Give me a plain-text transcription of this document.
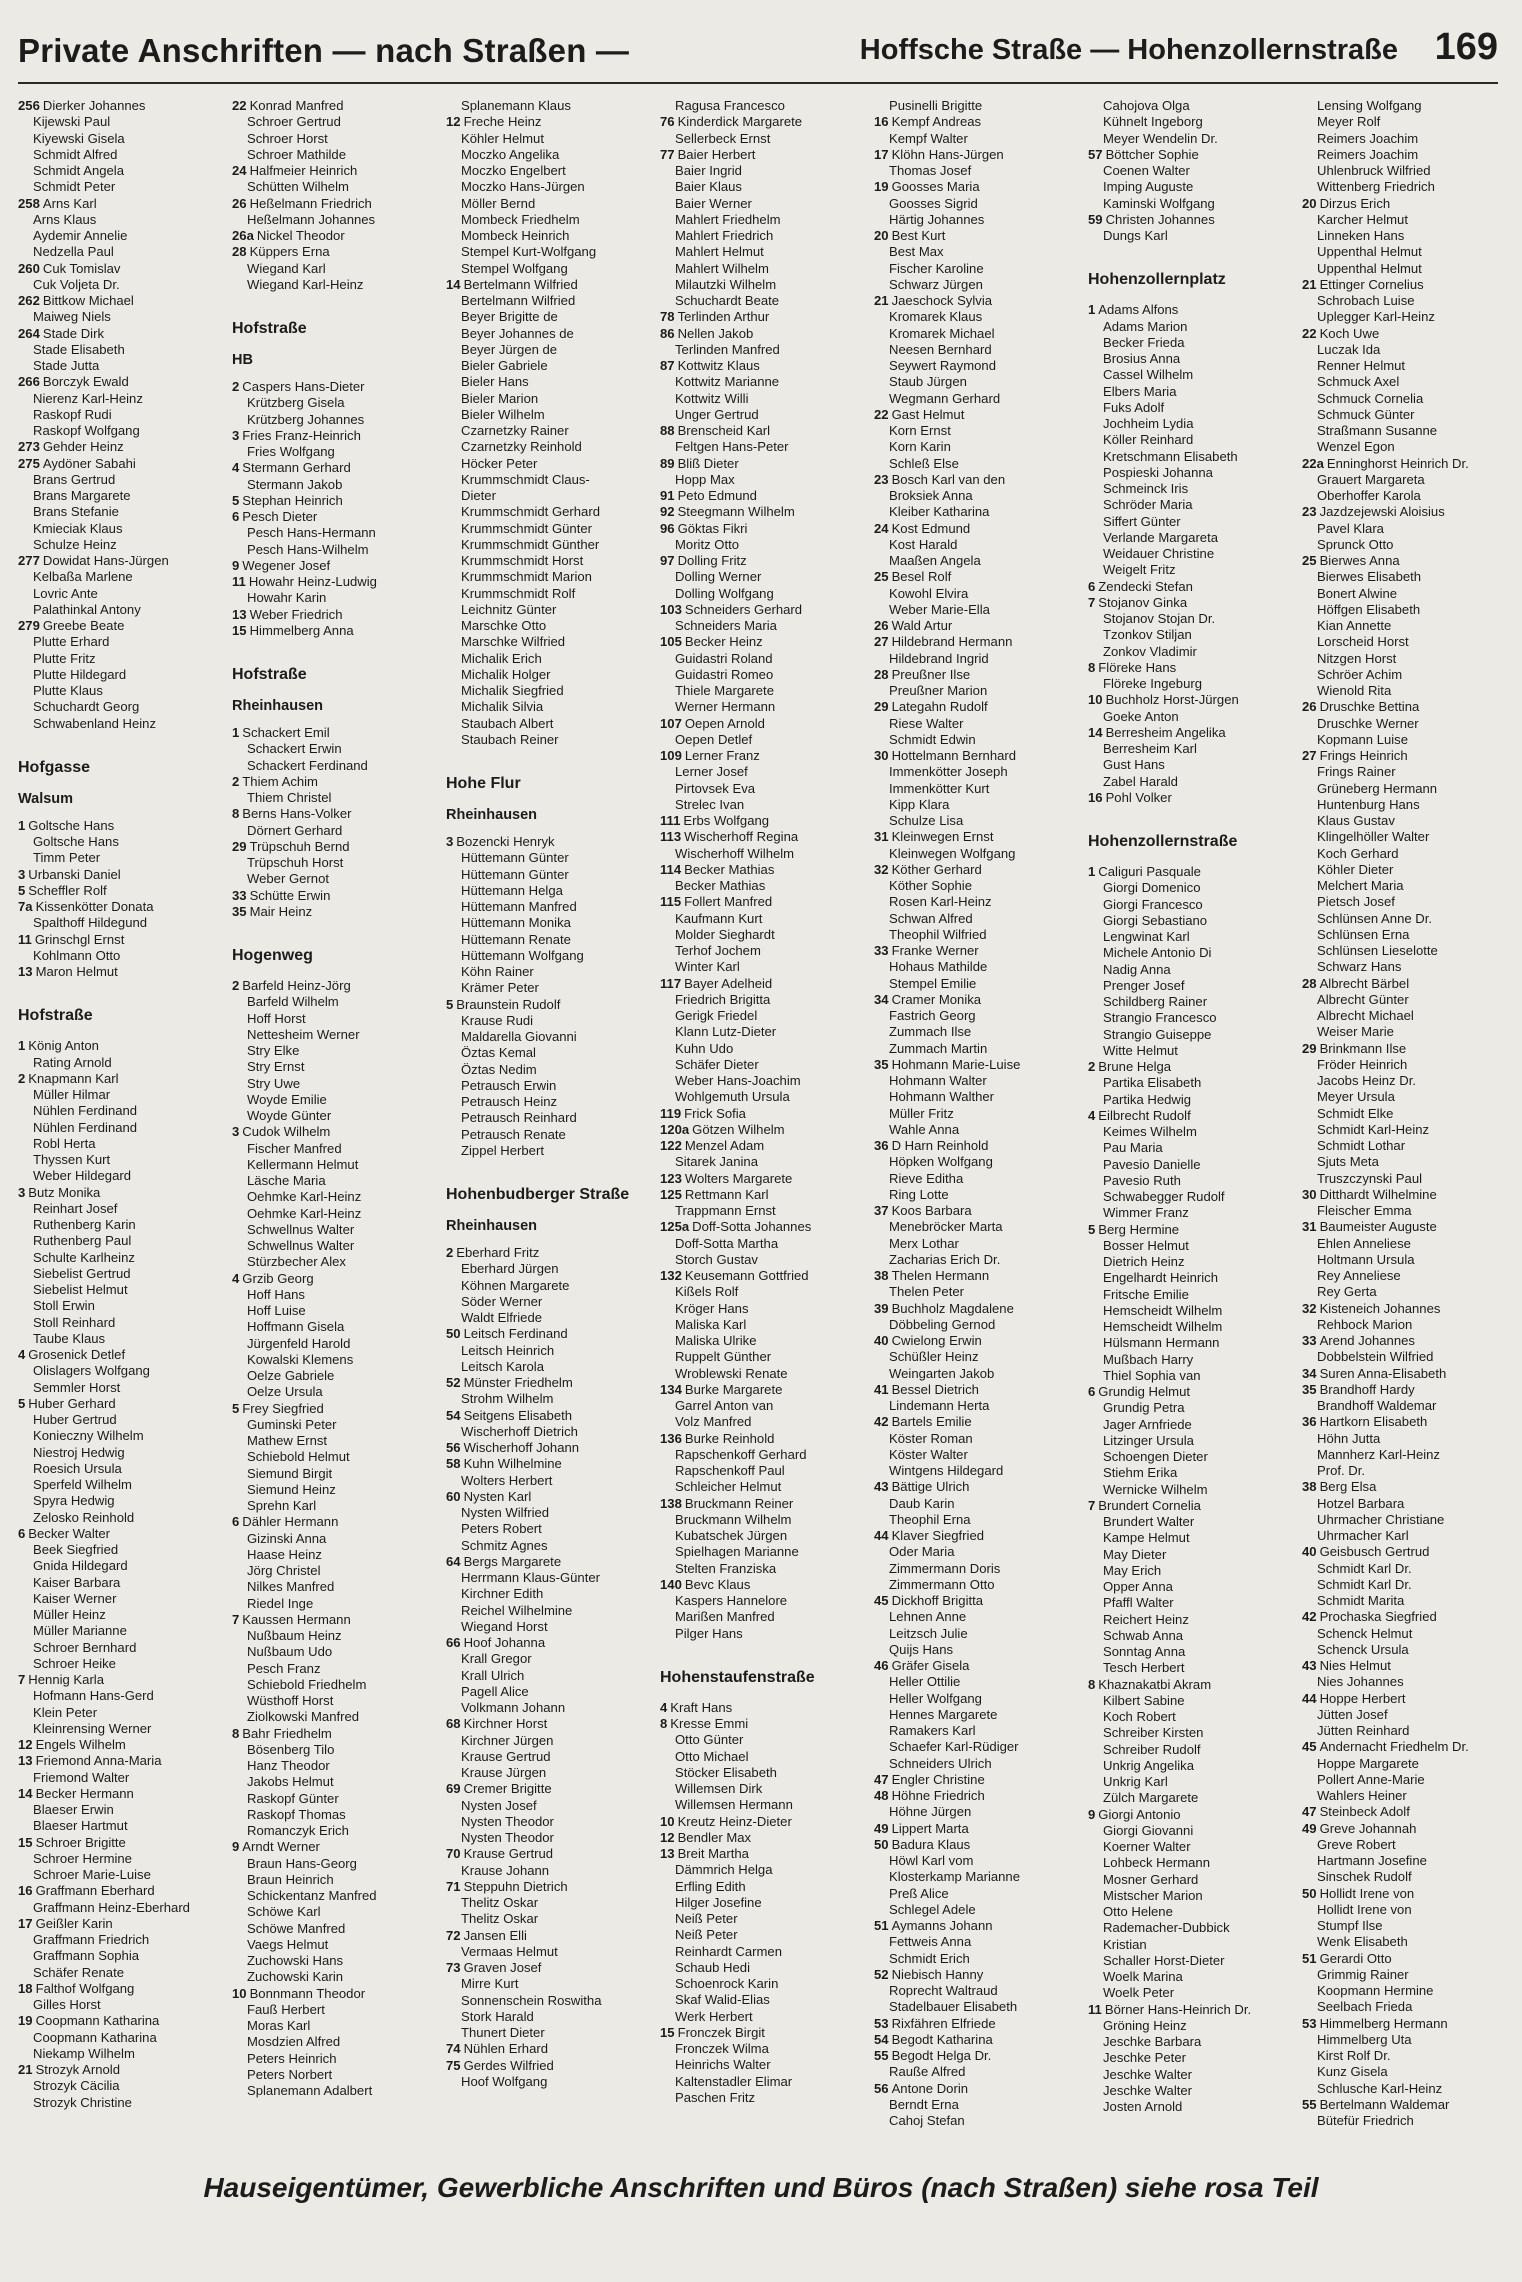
Private Anschriften — nach Straßen —	Hoffsche Straße — Hohenzollernstraße 169
256 Dierker Johannes
Kijewski Paul
Kiyewski Gisela
Schmidt Alfred
Schmidt Angela
Schmidt Peter
258 Arns Karl
Arns Klaus
Aydemir Annelie
Nedzella Paul
260 Cuk Tomislav
Cuk Voljeta Dr.
262 Bittkow Michael
Maiweg Niels
264 Stade Dirk
Stade Elisabeth
Stade Jutta
266 Borczyk Ewald
Nierenz Karl-Heinz
Raskopf Rudi
Raskopf Wolfgang
273 Gehder Heinz
275 Aydöner Sabahi
Brans Gertrud
Brans Margarete
Brans Stefanie
Kmieciak Klaus
Schulze Heinz
277 Dowidat Hans-Jürgen
Kelbaßa Marlene
Lovric Ante
Palathinkal Antony
279 Greebe Beate
Plutte Erhard
Plutte Fritz
Plutte Hildegard
Plutte Klaus
Schuchardt Georg
Schwabenland Heinz
Hofgasse
Walsum
1 Goltsche Hans
Goltsche Hans
Timm Peter
3 Urbanski Daniel
5 Scheffler Rolf
7a Kissenkötter Donata
Spalthoff Hildegund
11 Grinschgl Ernst
Kohlmann Otto
13 Maron Helmut
Hofstraße
1 König Anton
Rating Arnold
2 Knapmann Karl
Müller Hilmar
Nühlen Ferdinand
Nühlen Ferdinand
Robl Herta
Thyssen Kurt
Weber Hildegard
3 Butz Monika
Reinhart Josef
Ruthenberg Karin
Ruthenberg Paul
Schulte Karlheinz
Siebelist Gertrud
Siebelist Helmut
Stoll Erwin
Stoll Reinhard
Taube Klaus
4 Grosenick Detlef
Olislagers Wolfgang
Semmler Horst
5 Huber Gerhard
Huber Gertrud
Konieczny Wilhelm
Niestroj Hedwig
Roesich Ursula
Sperfeld Wilhelm
Spyra Hedwig
Zelosko Reinhold
6 Becker Walter
Beek Siegfried
Gnida Hildegard
Kaiser Barbara
Kaiser Werner
Müller Heinz
Müller Marianne
Schroer Bernhard
Schroer Heike
7 Hennig Karla
Hofmann Hans-Gerd
Klein Peter
Kleinrensing Werner
12 Engels Wilhelm
13 Friemond Anna-Maria
Friemond Walter
14 Becker Hermann
Blaeser Erwin
Blaeser Hartmut
15 Schroer Brigitte
Schroer Hermine
Schroer Marie-Luise
16 Graffmann Eberhard
Graffmann Heinz-Eberhard
17 Geißler Karin
Graffmann Friedrich
Graffmann Sophia
Schäfer Renate
18 Falthof Wolfgang
Gilles Horst
19 Coopmann Katharina
Coopmann Katharina
Niekamp Wilhelm
21 Strozyk Arnold
Strozyk Cäcilia
Strozyk Christine
22 Konrad Manfred
Schroer Gertrud
Schroer Horst
Schroer Mathilde
24 Halfmeier Heinrich
Schütten Wilhelm
26 Heßelmann Friedrich
Heßelmann Johannes
26a Nickel Theodor
28 Küppers Erna
Wiegand Karl
Wiegand Karl-Heinz
Hofstraße
HB
2 Caspers Hans-Dieter
Krützberg Gisela
Krützberg Johannes
3 Fries Franz-Heinrich
Fries Wolfgang
4 Stermann Gerhard
Stermann Jakob
5 Stephan Heinrich
6 Pesch Dieter
Pesch Hans-Hermann
Pesch Hans-Wilhelm
9 Wegener Josef
11 Howahr Heinz-Ludwig
Howahr Karin
13 Weber Friedrich
15 Himmelberg Anna
Hofstraße
Rheinhausen
1 Schackert Emil
Schackert Erwin
Schackert Ferdinand
2 Thiem Achim
Thiem Christel
8 Berns Hans-Volker
Dörnert Gerhard
29 Trüpschuh Bernd
Trüpschuh Horst
Weber Gernot
33 Schütte Erwin
35 Mair Heinz
Hogenweg
2 Barfeld Heinz-Jörg
Barfeld Wilhelm
Hoff Horst
Nettesheim Werner
Stry Elke
Stry Ernst
Stry Uwe
Woyde Emilie
Woyde Günter
3 Cudok Wilhelm
Fischer Manfred
Kellermann Helmut
Läsche Maria
Oehmke Karl-Heinz
Oehmke Karl-Heinz
Schwellnus Walter
Schwellnus Walter
Stürzbecher Alex
4 Grzib Georg
Hoff Hans
Hoff Luise
Hoffmann Gisela
Jürgenfeld Harold
Kowalski Klemens
Oelze Gabriele
Oelze Ursula
5 Frey Siegfried
Guminski Peter
Mathew Ernst
Schiebold Helmut
Siemund Birgit
Siemund Heinz
Sprehn Karl
6 Dähler Hermann
Gizinski Anna
Haase Heinz
Jörg Christel
Nilkes Manfred
Riedel Inge
7 Kaussen Hermann
Nußbaum Heinz
Nußbaum Udo
Pesch Franz
Schiebold Friedhelm
Wüsthoff Horst
Ziolkowski Manfred
8 Bahr Friedhelm
Bösenberg Tilo
Hanz Theodor
Jakobs Helmut
Raskopf Günter
Raskopf Thomas
Romanczyk Erich
9 Arndt Werner
Braun Hans-Georg
Braun Heinrich
Schickentanz Manfred
Schöwe Karl
Schöwe Manfred
Vaegs Helmut
Zuchowski Hans
Zuchowski Karin
10 Bonnmann Theodor
Fauß Herbert
Moras Karl
Mosdzien Alfred
Peters Heinrich
Peters Norbert
Splanemann Adalbert
Splanemann Klaus
12 Freche Heinz
Köhler Helmut
Moczko Angelika
Moczko Engelbert
Moczko Hans-Jürgen
Möller Bernd
Mombeck Friedhelm
Mombeck Heinrich
Stempel Kurt-Wolfgang
Stempel Wolfgang
14 Bertelmann Wilfried
Bertelmann Wilfried
Beyer Brigitte de
Beyer Johannes de
Beyer Jürgen de
Bieler Gabriele
Bieler Hans
Bieler Marion
Bieler Wilhelm
Czarnetzky Rainer
Czarnetzky Reinhold
Höcker Peter
Krummschmidt Claus-
Dieter
Krummschmidt Gerhard
Krummschmidt Günter
Krummschmidt Günther
Krummschmidt Horst
Krummschmidt Marion
Krummschmidt Rolf
Leichnitz Günter
Marschke Otto
Marschke Wilfried
Michalik Erich
Michalik Holger
Michalik Siegfried
Michalik Silvia
Staubach Albert
Staubach Reiner
Hohe Flur
Rheinhausen
3 Bozencki Henryk
Hüttemann Günter
Hüttemann Günter
Hüttemann Helga
Hüttemann Manfred
Hüttemann Monika
Hüttemann Renate
Hüttemann Wolfgang
Köhn Rainer
Krämer Peter
5 Braunstein Rudolf
Krause Rudi
Maldarella Giovanni
Öztas Kemal
Öztas Nedim
Petrausch Erwin
Petrausch Heinz
Petrausch Reinhard
Petrausch Renate
Zippel Herbert
Hohenbudberger Straße
Rheinhausen
2 Eberhard Fritz
Eberhard Jürgen
Köhnen Margarete
Söder Werner
Waldt Elfriede
50 Leitsch Ferdinand
Leitsch Heinrich
Leitsch Karola
52 Münster Friedhelm
Strohm Wilhelm
54 Seitgens Elisabeth
Wischerhoff Dietrich
56 Wischerhoff Johann
58 Kuhn Wilhelmine
Wolters Herbert
60 Nysten Karl
Nysten Wilfried
Peters Robert
Schmitz Agnes
64 Bergs Margarete
Herrmann Klaus-Günter
Kirchner Edith
Reichel Wilhelmine
Wiegand Horst
66 Hoof Johanna
Krall Gregor
Krall Ulrich
Pagell Alice
Volkmann Johann
68 Kirchner Horst
Kirchner Jürgen
Krause Gertrud
Krause Jürgen
69 Cremer Brigitte
Nysten Josef
Nysten Theodor
Nysten Theodor
70 Krause Gertrud
Krause Johann
71 Steppuhn Dietrich
Thelitz Oskar
Thelitz Oskar
72 Jansen Elli
Vermaas Helmut
73 Graven Josef
Mirre Kurt
Sonnenschein Roswitha
Stork Harald
Thunert Dieter
74 Nühlen Erhard
75 Gerdes Wilfried
Hoof Wolfgang
Ragusa Francesco
76 Kinderdick Margarete
Sellerbeck Ernst
77 Baier Herbert
Baier Ingrid
Baier Klaus
Baier Werner
Mahlert Friedhelm
Mahlert Friedrich
Mahlert Helmut
Mahlert Wilhelm
Milautzki Wilhelm
Schuchardt Beate
78 Terlinden Arthur
86 Nellen Jakob
Terlinden Manfred
87 Kottwitz Klaus
Kottwitz Marianne
Kottwitz Willi
Unger Gertrud
88 Brenscheid Karl
Feltgen Hans-Peter
89 Bliß Dieter
Hopp Max
91 Peto Edmund
92 Steegmann Wilhelm
96 Göktas Fikri
Moritz Otto
97 Dolling Fritz
Dolling Werner
Dolling Wolfgang
103 Schneiders Gerhard
Schneiders Maria
105 Becker Heinz
Guidastri Roland
Guidastri Romeo
Thiele Margarete
Werner Hermann
107 Oepen Arnold
Oepen Detlef
109 Lerner Franz
Lerner Josef
Pirtovsek Eva
Strelec Ivan
111 Erbs Wolfgang
113 Wischerhoff Regina
Wischerhoff Wilhelm
114 Becker Mathias
Becker Mathias
115 Follert Manfred
Kaufmann Kurt
Molder Sieghardt
Terhof Jochem
Winter Karl
117 Bayer Adelheid
Friedrich Brigitta
Gerigk Friedel
Klann Lutz-Dieter
Kuhn Udo
Schäfer Dieter
Weber Hans-Joachim
Wohlgemuth Ursula
119 Frick Sofia
120a Götzen Wilhelm
122 Menzel Adam
Sitarek Janina
123 Wolters Margarete
125 Rettmann Karl
Trappmann Ernst
125a Doff-Sotta Johannes
Doff-Sotta Martha
Storch Gustav
132 Keusemann Gottfried
Kißels Rolf
Kröger Hans
Maliska Karl
Maliska Ulrike
Ruppelt Günther
Wroblewski Renate
134 Burke Margarete
Garrel Anton van
Volz Manfred
136 Burke Reinhold
Rapschenkoff Gerhard
Rapschenkoff Paul
Schleicher Helmut
138 Bruckmann Reiner
Bruckmann Wilhelm
Kubatschek Jürgen
Spielhagen Marianne
Stelten Franziska
140 Bevc Klaus
Kaspers Hannelore
Marißen Manfred
Pilger Hans
Hohenstaufenstraße
4 Kraft Hans
8 Kresse Emmi
Otto Günter
Otto Michael
Stöcker Elisabeth
Willemsen Dirk
Willemsen Hermann
10 Kreutz Heinz-Dieter
12 Bendler Max
13 Breit Martha
Dämmrich Helga
Erfling Edith
Hilger Josefine
Neiß Peter
Neiß Peter
Reinhardt Carmen
Schaub Hedi
Schoenrock Karin
Skaf Walid-Elias
Werk Herbert
15 Fronczek Birgit
Fronczek Wilma
Heinrichs Walter
Kaltenstadler Elimar
Paschen Fritz
Pusinelli Brigitte
16 Kempf Andreas
Kempf Walter
17 Klöhn Hans-Jürgen
Thomas Josef
19 Goosses Maria
Goosses Sigrid
Härtig Johannes
20 Best Kurt
Best Max
Fischer Karoline
Schwarz Jürgen
21 Jaeschock Sylvia
Kromarek Klaus
Kromarek Michael
Neesen Bernhard
Seywert Raymond
Staub Jürgen
Wegmann Gerhard
22 Gast Helmut
Korn Ernst
Korn Karin
Schleß Else
23 Bosch Karl van den
Broksiek Anna
Kleiber Katharina
24 Kost Edmund
Kost Harald
Maaßen Angela
25 Besel Rolf
Kowohl Elvira
Weber Marie-Ella
26 Wald Artur
27 Hildebrand Hermann
Hildebrand Ingrid
28 Preußner Ilse
Preußner Marion
29 Lategahn Rudolf
Riese Walter
Schmidt Edwin
30 Hottelmann Bernhard
Immenkötter Joseph
Immenkötter Kurt
Kipp Klara
Schulze Lisa
31 Kleinwegen Ernst
Kleinwegen Wolfgang
32 Köther Gerhard
Köther Sophie
Rosen Karl-Heinz
Schwan Alfred
Theophil Wilfried
33 Franke Werner
Hohaus Mathilde
Stempel Emilie
34 Cramer Monika
Fastrich Georg
Zummach Ilse
Zummach Martin
35 Hohmann Marie-Luise
Hohmann Walter
Hohmann Walther
Müller Fritz
Wahle Anna
36 D Harn Reinhold
Höpken Wolfgang
Rieve Editha
Ring Lotte
37 Koos Barbara
Menebröcker Marta
Merx Lothar
Zacharias Erich Dr.
38 Thelen Hermann
Thelen Peter
39 Buchholz Magdalene
Döbbeling Gernod
40 Cwielong Erwin
Schüßler Heinz
Weingarten Jakob
41 Bessel Dietrich
Lindemann Herta
42 Bartels Emilie
Köster Roman
Köster Walter
Wintgens Hildegard
43 Bättige Ulrich
Daub Karin
Theophil Erna
44 Klaver Siegfried
Oder Maria
Zimmermann Doris
Zimmermann Otto
45 Dickhoff Brigitta
Lehnen Anne
Leitzsch Julie
Quijs Hans
46 Gräfer Gisela
Heller Ottilie
Heller Wolfgang
Hennes Margarete
Ramakers Karl
Schaefer Karl-Rüdiger
Schneiders Ulrich
47 Engler Christine
48 Höhne Friedrich
Höhne Jürgen
49 Lippert Marta
50 Badura Klaus
Höwl Karl vom
Klosterkamp Marianne
Preß Alice
Schlegel Adele
51 Aymanns Johann
Fettweis Anna
Schmidt Erich
52 Niebisch Hanny
Roprecht Waltraud
Stadelbauer Elisabeth
53 Rixfähren Elfriede
54 Begodt Katharina
55 Begodt Helga Dr.
Rauße Alfred
56 Antone Dorin
Berndt Erna
Cahoj Stefan
Cahojova Olga
Kühnelt Ingeborg
Meyer Wendelin Dr.
57 Böttcher Sophie
Coenen Walter
Imping Auguste
Kaminski Wolfgang
59 Christen Johannes
Dungs Karl
Hohenzollernplatz
1 Adams Alfons
Adams Marion
Becker Frieda
Brosius Anna
Cassel Wilhelm
Elbers Maria
Fuks Adolf
Jochheim Lydia
Köller Reinhard
Kretschmann Elisabeth
Pospieski Johanna
Schmeinck Iris
Schröder Maria
Siffert Günter
Verlande Margareta
Weidauer Christine
Weigelt Fritz
6 Zendecki Stefan
7 Stojanov Ginka
Stojanov Stojan Dr.
Tzonkov Stiljan
Zonkov Vladimir
8 Flöreke Hans
Flöreke Ingeburg
10 Buchholz Horst-Jürgen
Goeke Anton
14 Berresheim Angelika
Berresheim Karl
Gust Hans
Zabel Harald
16 Pohl Volker
Hohenzollernstraße
1 Caliguri Pasquale
Giorgi Domenico
Giorgi Francesco
Giorgi Sebastiano
Lengwinat Karl
Michele Antonio Di
Nadig Anna
Prenger Josef
Schildberg Rainer
Strangio Francesco
Strangio Guiseppe
Witte Helmut
2 Brune Helga
Partika Elisabeth
Partika Hedwig
4 Eilbrecht Rudolf
Keimes Wilhelm
Pau Maria
Pavesio Danielle
Pavesio Ruth
Schwabegger Rudolf
Wimmer Franz
5 Berg Hermine
Bosser Helmut
Dietrich Heinz
Engelhardt Heinrich
Fritsche Emilie
Hemscheidt Wilhelm
Hemscheidt Wilhelm
Hülsmann Hermann
Mußbach Harry
Thiel Sophia van
6 Grundig Helmut
Grundig Petra
Jager Arnfriede
Litzinger Ursula
Schoengen Dieter
Stiehm Erika
Wernicke Wilhelm
7 Brundert Cornelia
Brundert Walter
Kampe Helmut
May Dieter
May Erich
Opper Anna
Pfaffl Walter
Reichert Heinz
Schwab Anna
Sonntag Anna
Tesch Herbert
8 Khaznakatbi Akram
Kilbert Sabine
Koch Robert
Schreiber Kirsten
Schreiber Rudolf
Unkrig Angelika
Unkrig Karl
Zülch Margarete
9 Giorgi Antonio
Giorgi Giovanni
Koerner Walter
Lohbeck Hermann
Mosner Gerhard
Mistscher Marion
Otto Helene
Rademacher-Dubbick
Kristian
Schaller Horst-Dieter
Woelk Marina
Woelk Peter
11 Börner Hans-Heinrich Dr.
Gröning Heinz
Jeschke Barbara
Jeschke Peter
Jeschke Walter
Jeschke Walter
Josten Arnold
Lensing Wolfgang
Meyer Rolf
Reimers Joachim
Reimers Joachim
Uhlenbruck Wilfried
Wittenberg Friedrich
20 Dirzus Erich
Karcher Helmut
Linneken Hans
Uppenthal Helmut
Uppenthal Helmut
21 Ettinger Cornelius
Schrobach Luise
Uplegger Karl-Heinz
22 Koch Uwe
Luczak Ida
Renner Helmut
Schmuck Axel
Schmuck Cornelia
Schmuck Günter
Straßmann Susanne
Wenzel Egon
22a Enninghorst Heinrich Dr.
Grauert Margareta
Oberhoffer Karola
23 Jazdzejewski Aloisius
Pavel Klara
Sprunck Otto
25 Bierwes Anna
Bierwes Elisabeth
Bonert Alwine
Höffgen Elisabeth
Kian Annette
Lorscheid Horst
Nitzgen Horst
Schröer Achim
Wienold Rita
26 Druschke Bettina
Druschke Werner
Kopmann Luise
27 Frings Heinrich
Frings Rainer
Grüneberg Hermann
Huntenburg Hans
Klaus Gustav
Klingelhöller Walter
Koch Gerhard
Köhler Dieter
Melchert Maria
Pietsch Josef
Schlünsen Anne Dr.
Schlünsen Erna
Schlünsen Lieselotte
Schwarz Hans
28 Albrecht Bärbel
Albrecht Günter
Albrecht Michael
Weiser Marie
29 Brinkmann Ilse
Fröder Heinrich
Jacobs Heinz Dr.
Meyer Ursula
Schmidt Elke
Schmidt Karl-Heinz
Schmidt Lothar
Sjuts Meta
Truszczynski Paul
30 Ditthardt Wilhelmine
Fleischer Emma
31 Baumeister Auguste
Ehlen Anneliese
Holtmann Ursula
Rey Anneliese
Rey Gerta
32 Kisteneich Johannes
Rehbock Marion
33 Arend Johannes
Dobbelstein Wilfried
34 Suren Anna-Elisabeth
35 Brandhoff Hardy
Brandhoff Waldemar
36 Hartkorn Elisabeth
Höhn Jutta
Mannherz Karl-Heinz
Prof. Dr.
38 Berg Elsa
Hotzel Barbara
Uhrmacher Christiane
Uhrmacher Karl
40 Geisbusch Gertrud
Schmidt Karl Dr.
Schmidt Karl Dr.
Schmidt Marita
42 Prochaska Siegfried
Schenck Helmut
Schenck Ursula
43 Nies Helmut
Nies Johannes
44 Hoppe Herbert
Jütten Josef
Jütten Reinhard
45 Andernacht Friedhelm Dr.
Hoppe Margarete
Pollert Anne-Marie
Wahlers Heiner
47 Steinbeck Adolf
49 Greve Johannah
Greve Robert
Hartmann Josefine
Sinschek Rudolf
50 Hollidt Irene von
Hollidt Irene von
Stumpf Ilse
Wenk Elisabeth
51 Gerardi Otto
Grimmig Rainer
Koopmann Hermine
Seelbach Frieda
53 Himmelberg Hermann
Himmelberg Uta
Kirst Rolf Dr.
Kunz Gisela
Schlusche Karl-Heinz
55 Bertelmann Waldemar
Bütefür Friedrich
Hauseigentümer, Gewerbliche Anschriften und Büros (nach Straßen) siehe rosa Teil
